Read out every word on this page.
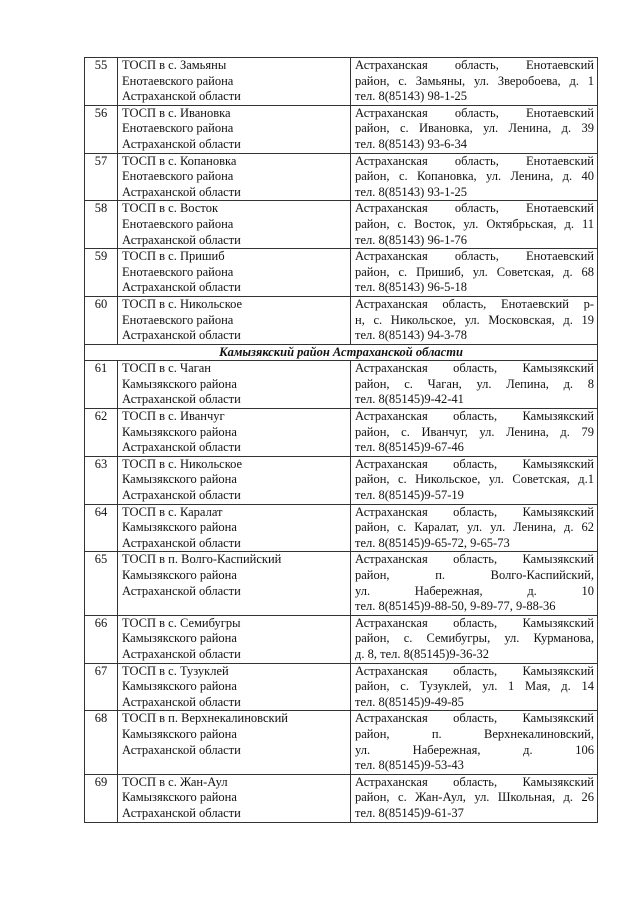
55	ТОСП в с. Замьяны
Енотаевского района
Астраханской области	Астраханская область, Енотаевский
район, с. Замьяны, ул. Зверобоева, д. 1
тел. 8(85143) 98-1-25

56	ТОСП в с. Ивановка
Енотаевского района
Астраханской области	Астраханская область, Енотаевский
район, с. Ивановка, ул. Ленина, д. 39
тел. 8(85143) 93-6-34

57	ТОСП в с. Копановка
Енотаевского района
Астраханской области	Астраханская область, Енотаевский
район, с. Копановка, ул. Ленина, д. 40
тел. 8(85143) 93-1-25

58	ТОСП в с. Восток
Енотаевского района
Астраханской области	Астраханская область, Енотаевский
район, с. Восток, ул. Октябрьская, д. 11
тел. 8(85143) 96-1-76

59	ТОСП в с. Пришиб
Енотаевского района
Астраханской области	Астраханская область, Енотаевский
район, с. Пришиб, ул. Советская, д. 68
тел. 8(85143) 96-5-18

60	ТОСП в с. Никольское
Енотаевского района
Астраханской области	Астраханская область, Енотаевский р-
н, с. Никольское, ул. Московская, д. 19
тел. 8(85143) 94-3-78

Камызякский район Астраханской области		
61	ТОСП в с. Чаган
Камызякского района
Астраханской области	Астраханская область, Камызякский
район, с. Чаган, ул. Лепина, д. 8
тел. 8(85145)9-42-41

62	ТОСП в с. Иванчуг
Камызякского района
Астраханской области	Астраханская область, Камызякский
район, с. Иванчуг, ул. Ленина, д. 79
тел. 8(85145)9-67-46

63	ТОСП в с. Никольское
Камызякского района
Астраханской области	Астраханская область, Камызякский
район, с. Никольское, ул. Советская, д.1
тел. 8(85145)9-57-19

64	ТОСП в с. Каралат
Камызякского района
Астраханской области	Астраханская область, Камызякский
район, с. Каралат, ул. ул. Ленина, д. 62
тел. 8(85145)9-65-72, 9-65-73

65	ТОСП в п. Волго-Каспийский
Камызякского района
Астраханской области	Астраханская область, Камызякский
район, п. Волго-Каспийский,
ул. Набережная, д. 10
тел. 8(85145)9-88-50, 9-89-77, 9-88-36

66	ТОСП в с. Семибугры
Камызякского района
Астраханской области	Астраханская область, Камызякский
район, с. Семибугры, ул. Курманова,
д. 8, тел. 8(85145)9-36-32

67	ТОСП в с. Тузуклей
Камызякского района
Астраханской области	Астраханская область, Камызякский
район, с. Тузуклей, ул. 1 Мая, д. 14
тел. 8(85145)9-49-85

68	ТОСП в п. Верхнекалиновский
Камызякского района
Астраханской области	Астраханская область, Камызякский
район, п. Верхнекалиновский,
ул. Набережная, д. 106
тел. 8(85145)9-53-43

69	ТОСП в с. Жан-Аул
Камызякского района
Астраханской области	Астраханская область, Камызякский
район, с. Жан-Аул, ул. Школьная, д. 26
тел. 8(85145)9-61-37
